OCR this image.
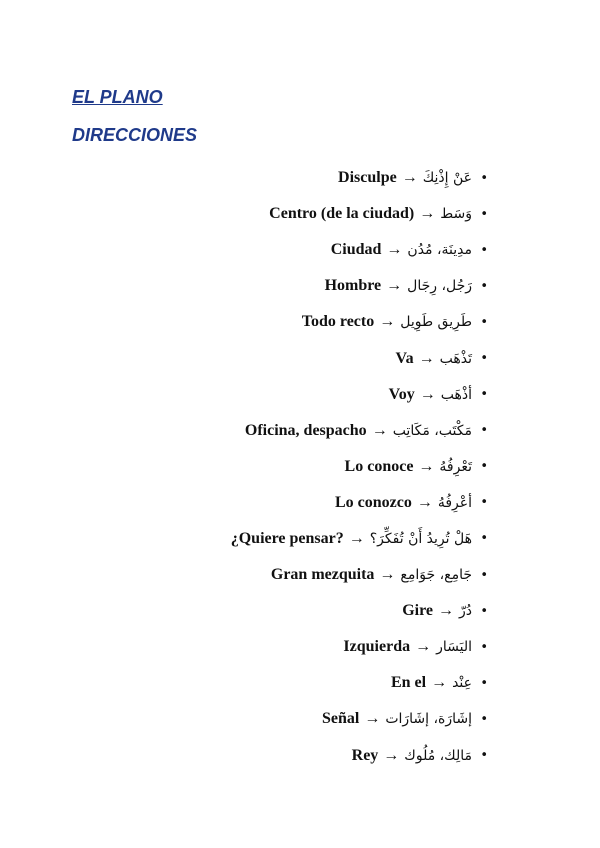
EL PLANO
DIRECCIONES
Disculpe → عَنْ إِذْنِكَ •
Centro (de la ciudad) → وَسَط •
Ciudad → مدِينَة، مُدُن •
Hombre → رَجُل، رِجَال •
Todo recto → طَرِيق طَوِيل •
Va → تَذْهَب •
Voy → أذْهَب •
Oficina, despacho → مَكْتَب، مَكَاتِب •
Lo conoce → تَعْرِفُهُ •
Lo conozco → أعْرِفُهُ •
¿Quiere pensar? → هَلْ تُرِيدُ أَنْ تُفَكِّرَ؟ •
Gran mezquita → جَامِع، جَوَامِع •
Gire → دُرّ •
Izquierda → اليَسَار •
En el → عِنْد •
Señal → إشَارَة، إشَارَات •
Rey → مَالِك، مُلُوك •
